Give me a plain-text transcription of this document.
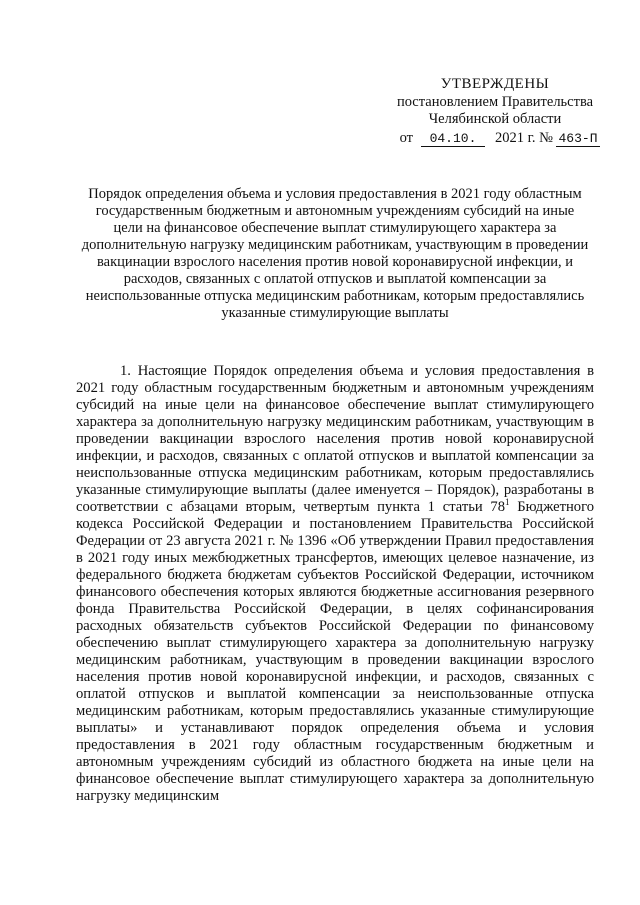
УТВЕРЖДЕНЫ
постановлением Правительства
Челябинской области
от	04.10.	2021 г. № 463-П
Порядок определения объема и условия предоставления в 2021 году областным государственным бюджетным и автономным учреждениям субсидий на иные цели на финансовое обеспечение выплат стимулирующего характера за дополнительную нагрузку медицинским работникам, участвующим в проведении вакцинации взрослого населения против новой коронавирусной инфекции, и расходов, связанных с оплатой отпусков и выплатой компенсации за неиспользованные отпуска медицинским работникам, которым предоставлялись указанные стимулирующие выплаты

1. Настоящие Порядок определения объема и условия предоставления в 2021 году областным государственным бюджетным и автономным учреждениям субсидий на иные цели на финансовое обеспечение выплат стимулирующего характера за дополнительную нагрузку медицинским работникам, участвующим в проведении вакцинации взрослого населения против новой коронавирусной инфекции, и расходов, связанных с оплатой отпусков и выплатой компенсации за неиспользованные отпуска медицинским работникам, которым предоставлялись указанные стимулирующие выплаты (далее именуется – Порядок), разработаны в соответствии с абзацами вторым, четвертым пункта 1 статьи $78^1$ Бюджетного кодекса Российской Федерации и постановлением Правительства Российской Федерации от 23 августа 2021 г. № 1396 «Об утверждении Правил предоставления в 2021 году иных межбюджетных трансфертов, имеющих целевое назначение, из федерального бюджета бюджетам субъектов Российской Федерации, источником финансового обеспечения которых являются бюджетные ассигнования резервного фонда Правительства Российской Федерации, в целях софинансирования расходных обязательств субъектов Российской Федерации по финансовому обеспечению выплат стимулирующего характера за дополнительную нагрузку медицинским работникам, участвующим в проведении вакцинации взрослого населения против новой коронавирусной инфекции, и расходов, связанных с оплатой отпусков и выплатой компенсации за неиспользованные отпуска медицинским работникам, которым предоставлялись указанные стимулирующие выплаты» и устанавливают порядок определения объема и условия предоставления в 2021 году областным государственным бюджетным и автономным учреждениям субсидий из областного бюджета на иные цели на финансовое обеспечение выплат стимулирующего характера за дополнительную нагрузку медицинским
